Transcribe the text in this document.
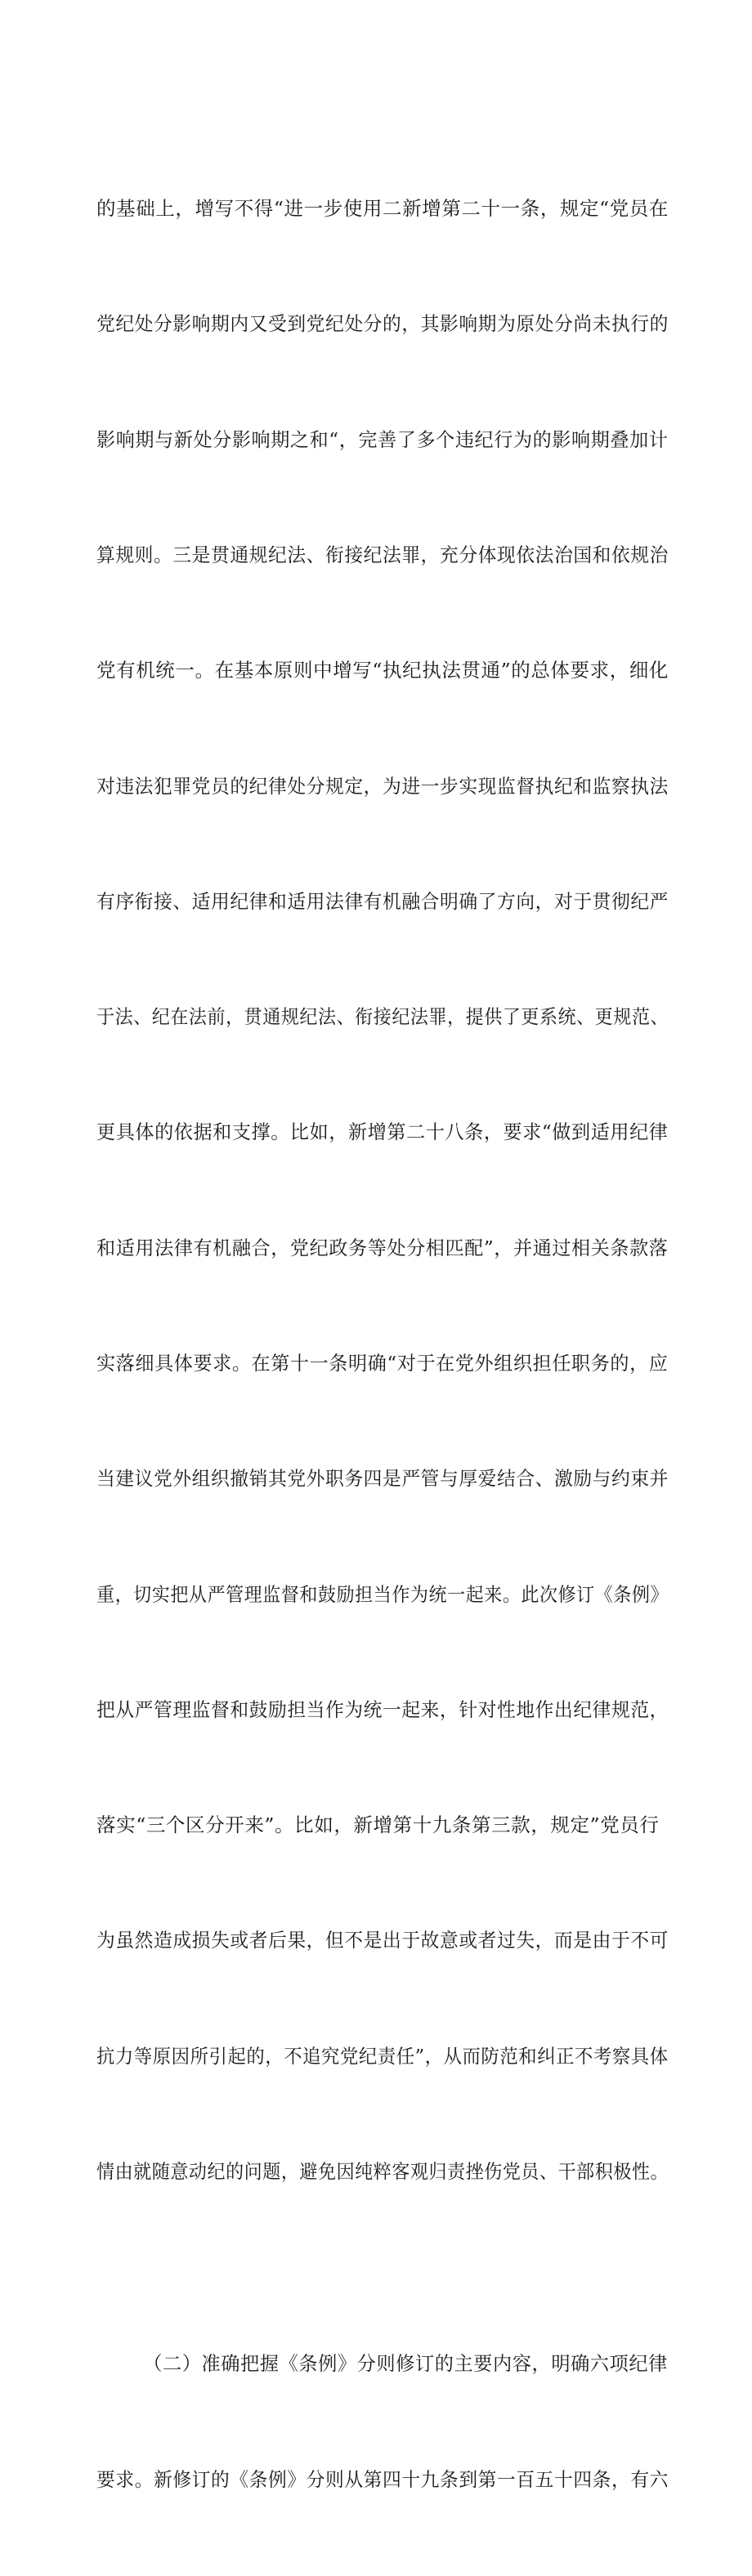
的基础上，增写不得“进一步使用二新增第二十一条，规定“党员在

党纪处分影响期内又受到党纪处分的，其影响期为原处分尚未执行的

影响期与新处分影响期之和“，完善了多个违纪行为的影响期叠加计

算规则。三是贯通规纪法、衔接纪法罪，充分体现依法治国和依规治

党有机统一。在基本原则中增写“执纪执法贯通”的总体要求，细化

对违法犯罪党员的纪律处分规定，为进一步实现监督执纪和监察执法

有序衔接、适用纪律和适用法律有机融合明确了方向，对于贯彻纪严

于法、纪在法前，贯通规纪法、衔接纪法罪，提供了更系统、更规范、

更具体的依据和支撑。比如，新增第二十八条，要求“做到适用纪律

和适用法律有机融合，党纪政务等处分相匹配”，并通过相关条款落

实落细具体要求。在第十一条明确“对于在党外组织担任职务的，应

当建议党外组织撤销其党外职务四是严管与厚爱结合、激励与约束并

重，切实把从严管理监督和鼓励担当作为统一起来。此次修订《条例》

把从严管理监督和鼓励担当作为统一起来，针对性地作出纪律规范，

落实“三个区分开来”。比如，新增第十九条第三款，规定”党员行

为虽然造成损失或者后果，但不是出于故意或者过失，而是由于不可

抗力等原因所引起的，不追究党纪责任”，从而防范和纠正不考察具体

情由就随意动纪的问题，避免因纯粹客观归责挫伤党员、干部积极性。

（二）准确把握《条例》分则修订的主要内容，明确六项纪律

要求。新修订的《条例》分则从第四十九条到第一百五十四条，有六
